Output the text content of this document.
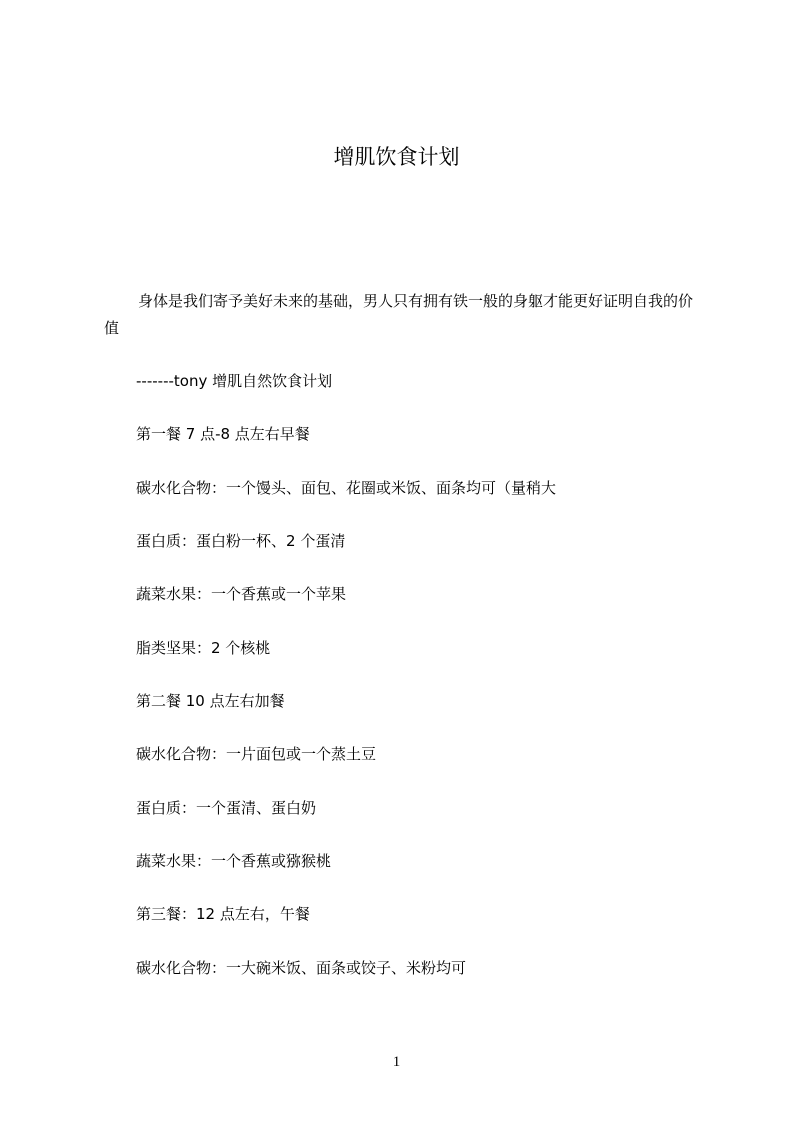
增肌饮食计划
身体是我们寄予美好未来的基础，男人只有拥有铁一般的身躯才能更好证明自我的价值
-------tony 增肌自然饮食计划
第一餐 7 点-8 点左右早餐
碳水化合物：一个馒头、面包、花圈或米饭、面条均可（量稍大
蛋白质：蛋白粉一杯、2 个蛋清
蔬菜水果：一个香蕉或一个苹果
脂类坚果：2 个核桃
第二餐 10 点左右加餐
碳水化合物：一片面包或一个蒸土豆
蛋白质：一个蛋清、蛋白奶
蔬菜水果：一个香蕉或猕猴桃
第三餐：12 点左右，午餐
碳水化合物：一大碗米饭、面条或饺子、米粉均可
1
